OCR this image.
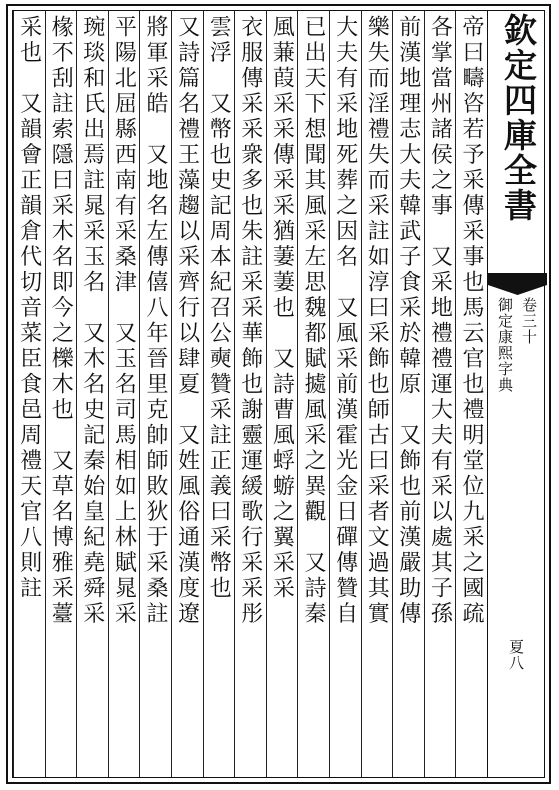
欽定四庫全書
御定康熙字典 卷三十
夏八
帝曰疇咨若予采傳采事也馬云官也禮明堂位九采之國疏
各掌當州諸侯之事　又采地禮禮運大夫有采以處其子孫
前漢地理志大夫韓武子食采於韓原　又飾也前漢嚴助傳
樂失而淫禮失而采註如淳曰采飾也師古曰采者文過其實
大夫有采地死葬之因名　又風采前漢霍光金日磾傳贊自
已出天下想聞其風采左思魏都賦㨿風采之異觀　又詩秦
風蒹葭采采傳采采猶萋萋也　又詩曹風蜉蝣之翼采采
衣服傳采采衆多也朱註采采華飾也謝靈運緩歌行采采彤
雲浮　又幣也史記周本紀召公奭贊采註正義曰采幣也
又詩篇名禮王藻趨以采齊行以肆夏　又姓風俗通漢度遼
將軍采皓　又地名左傳僖八年晉里克帥師敗狄于采桑註
平陽北屈縣西南有采桑津　又玉名司馬相如上林賦晁采
琬琰和氏出焉註晁采玉名　又木名史記秦始皇紀堯舜采
椽不刮註索隱曰采木名即今之櫟木也　又草名博雅采薹
采也　又韻會正韻倉代切音菜臣食邑周禮天官八則註
